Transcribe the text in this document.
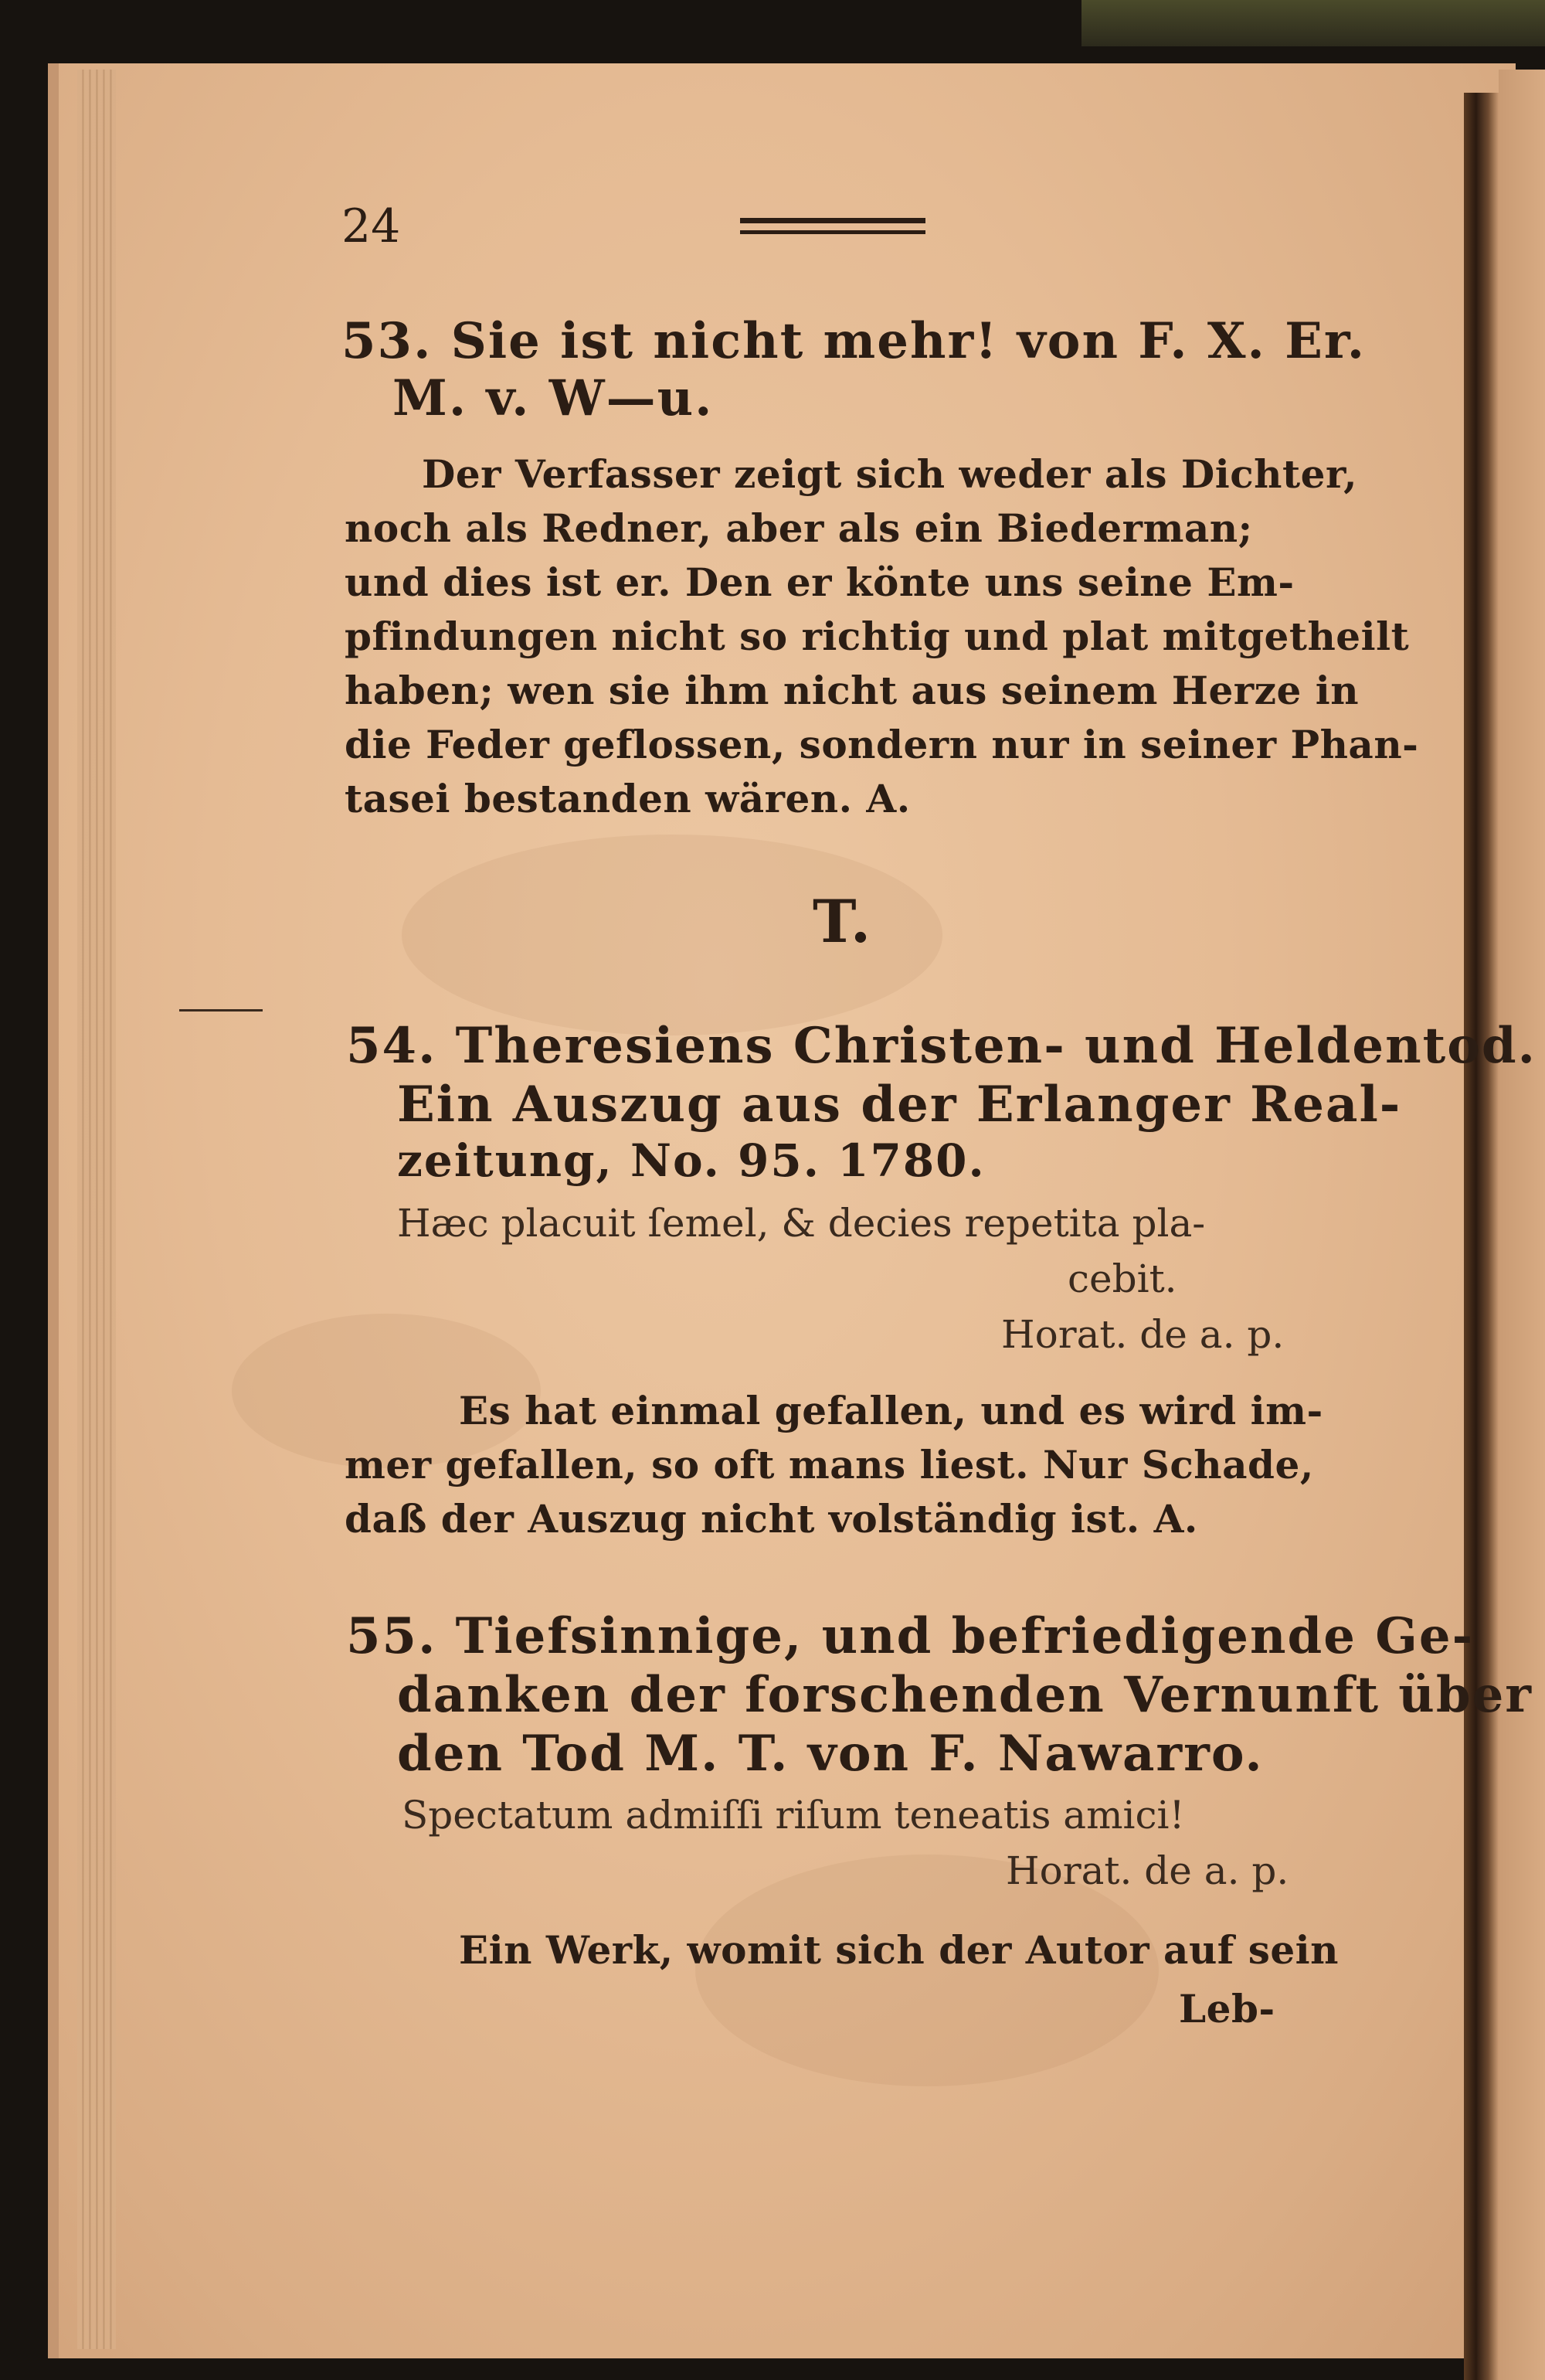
24
53. Sie ist nicht mehr! von F. X. Er.
M. v. W—u.
Der Verfasser zeigt sich weder als Dichter,
noch als Redner, aber als ein Biederman;
und dies ist er. Den er könte uns seine Em-
pfindungen nicht so richtig und plat mitgetheilt
haben; wen sie ihm nicht aus seinem Herze in
die Feder geflossen, sondern nur in seiner Phan-
tasei bestanden wären. A.
T.
54. Theresiens Christen- und Heldentod.
Ein Auszug aus der Erlanger Real-
zeitung, No. 95. 1780.
Hæc placuit ſemel, & decies repetita pla-
cebit.
Horat. de a. p.
Es hat einmal gefallen, und es wird im-
mer gefallen, so oft mans liest. Nur Schade,
daß der Auszug nicht volständig ist. A.
55. Tiefsinnige, und befriedigende Ge-
danken der forschenden Vernunft über
den Tod M. T. von F. Nawarro.
Spectatum admiſſi riſum teneatis amici!
Horat. de a. p.
Ein Werk, womit sich der Autor auf sein
Leb-
